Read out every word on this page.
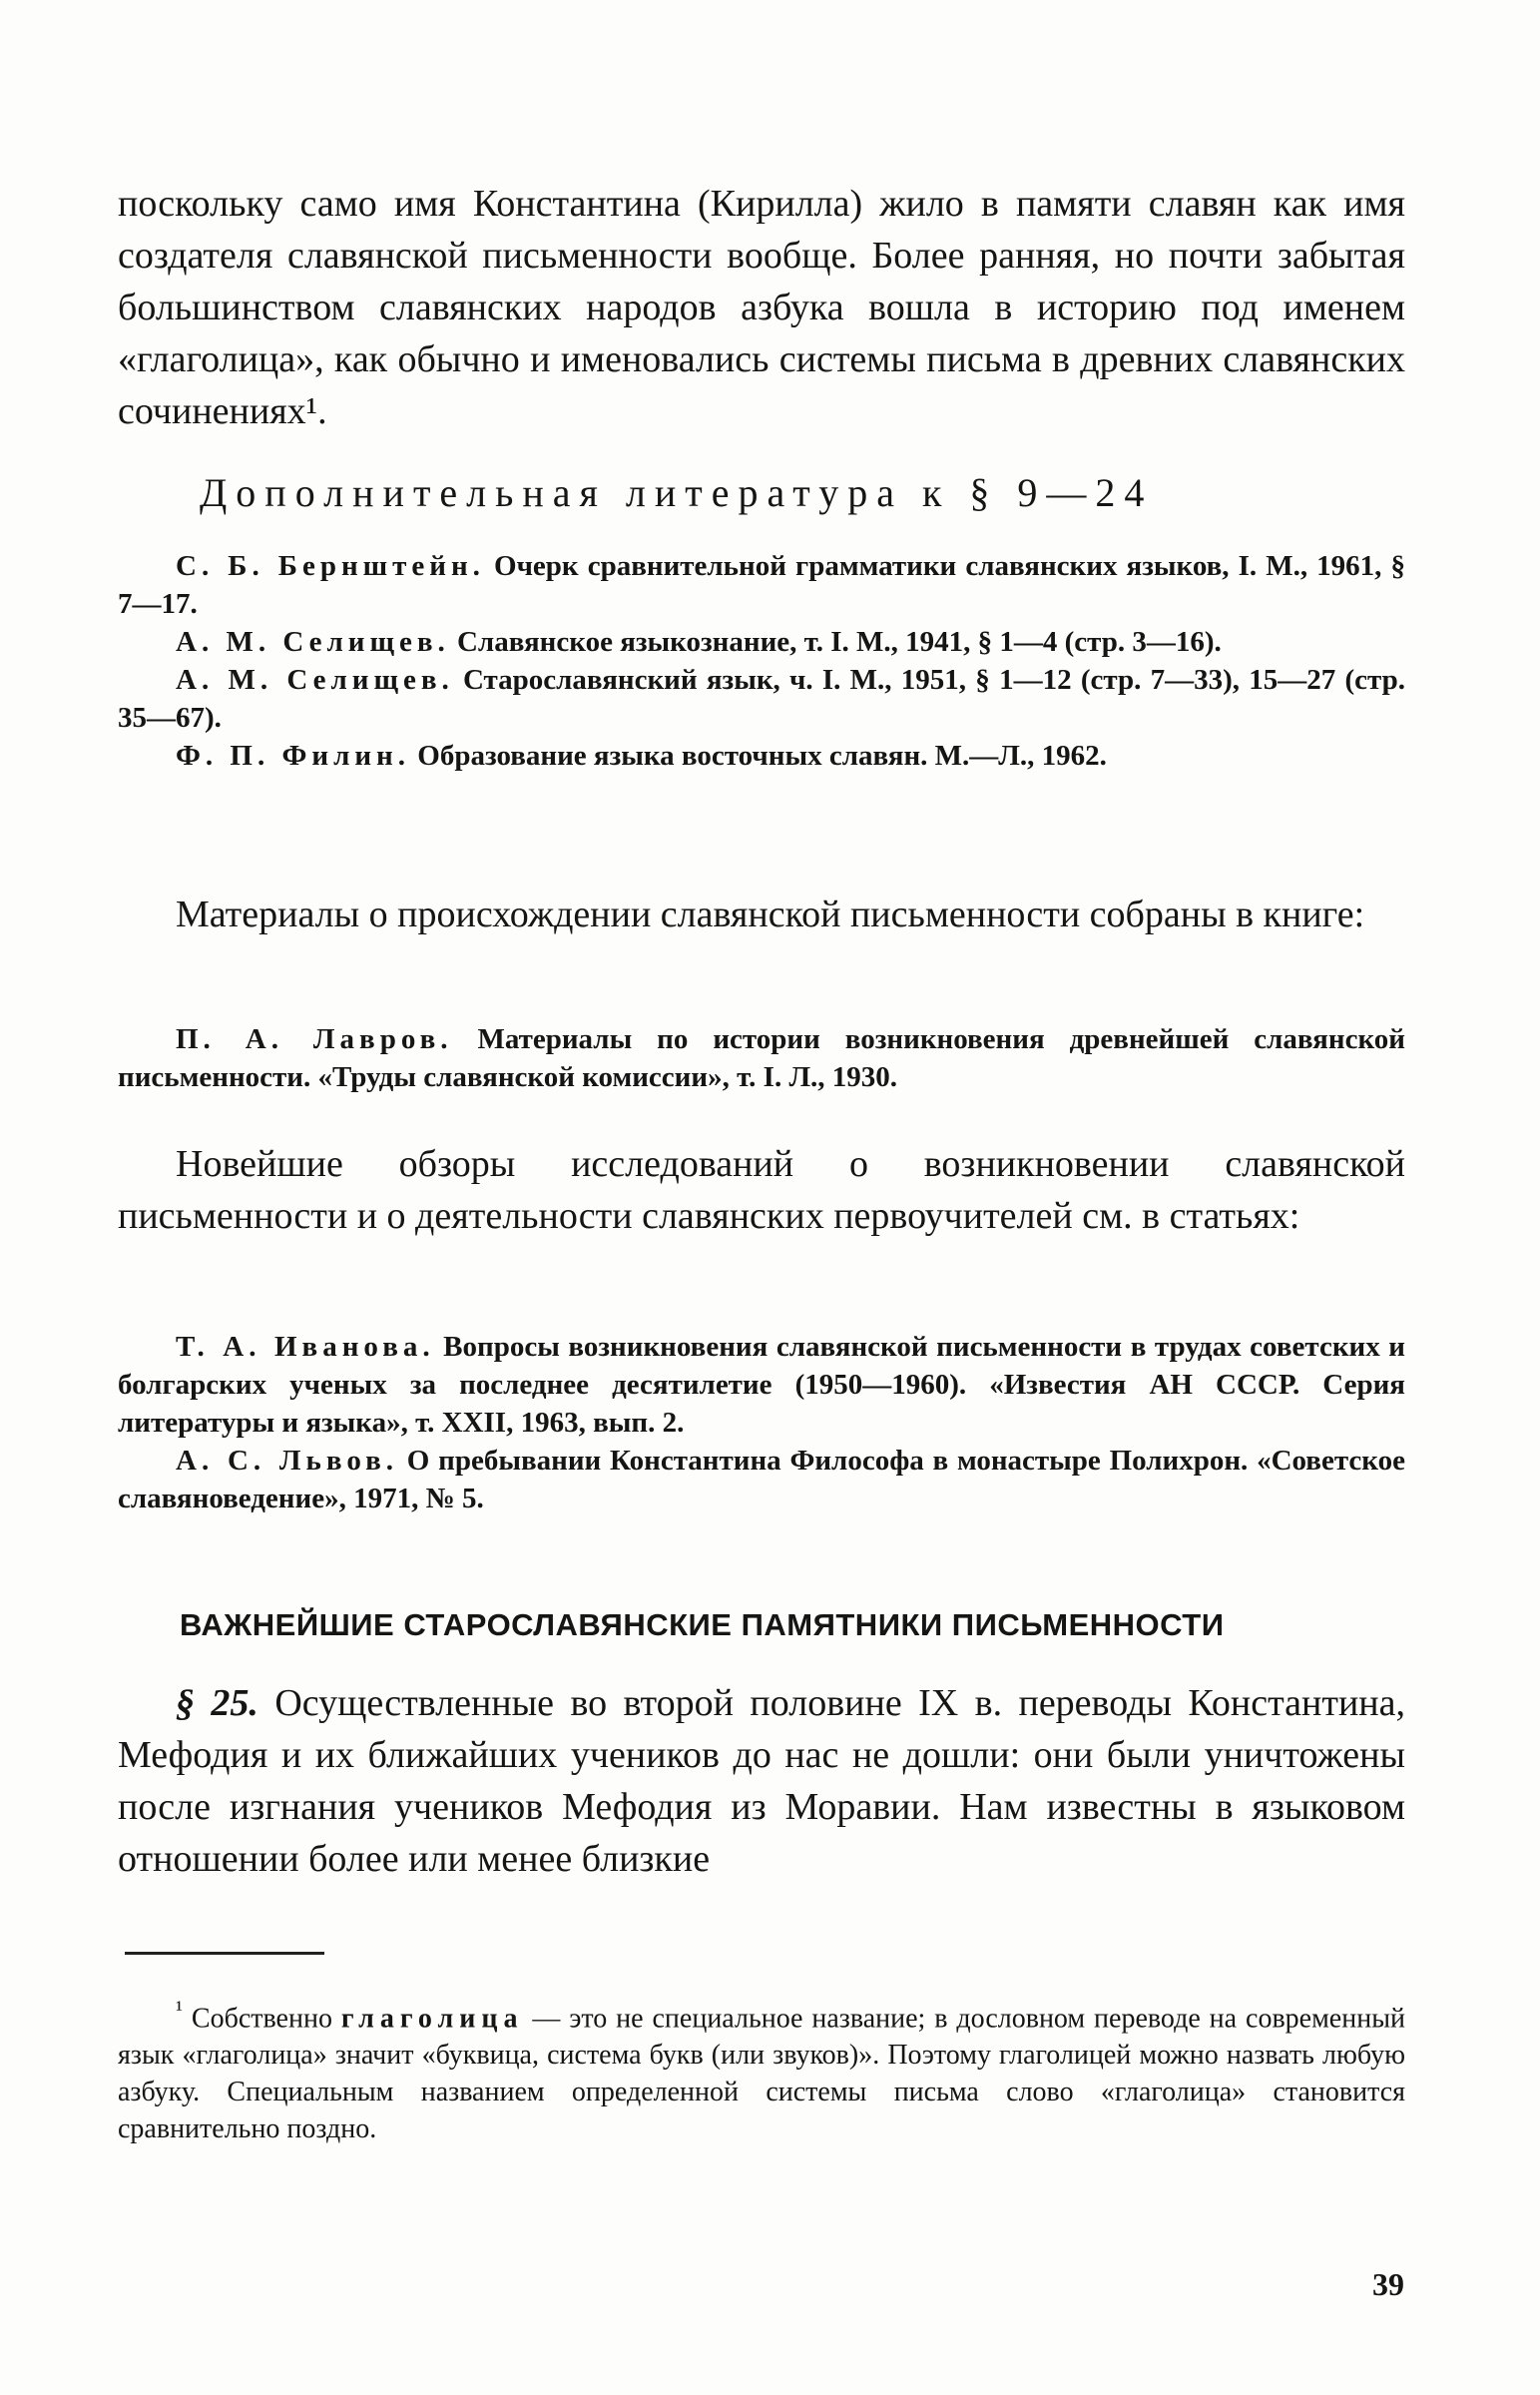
поскольку само имя Константина (Кирилла) жило в памяти славян как имя создателя славянской письменности вообще. Более ранняя, но почти забытая большинством славянских народов азбука вошла в историю под именем «глаголица», как обычно и именовались системы письма в древних славянских сочинениях¹.

Дополнительная литература к § 9—24

С. Б. Бернштейн. Очерк сравнительной грамматики славянских языков, I. М., 1961, § 7—17.

А. М. Селищев. Славянское языкознание, т. I. М., 1941, § 1—4 (стр. 3—16).

А. М. Селищев. Старославянский язык, ч. I. М., 1951, § 1—12 (стр. 7—33), 15—27 (стр. 35—67).

Ф. П. Филин. Образование языка восточных славян. М.—Л., 1962.

Материалы о происхождении славянской письменности собраны в книге:

П. А. Лавров. Материалы по истории возникновения древнейшей славянской письменности. «Труды славянской комиссии», т. I. Л., 1930.

Новейшие обзоры исследований о возникновении славянской письменности и о деятельности славянских первоучителей см. в статьях:

Т. А. Иванова. Вопросы возникновения славянской письменности в трудах советских и болгарских ученых за последнее десятилетие (1950—1960). «Известия АН СССР. Серия литературы и языка», т. XXII, 1963, вып. 2.

А. С. Львов. О пребывании Константина Философа в монастыре Полихрон. «Советское славяноведение», 1971, № 5.

ВАЖНЕЙШИЕ СТАРОСЛАВЯНСКИЕ ПАМЯТНИКИ ПИСЬМЕННОСТИ

§ 25. Осуществленные во второй половине IX в. переводы Константина, Мефодия и их ближайших учеников до нас не дошли: они были уничтожены после изгнания учеников Мефодия из Моравии. Нам известны в языковом отношении более или менее близкие

$^{^1}$ Собственно глаголица — это не специальное название; в дословном переводе на современный язык «глаголица» значит «буквица, система букв (или звуков)». Поэтому глаголицей можно назвать любую азбуку. Специальным названием определенной системы письма слово «глаголица» становится сравнительно поздно.

39
